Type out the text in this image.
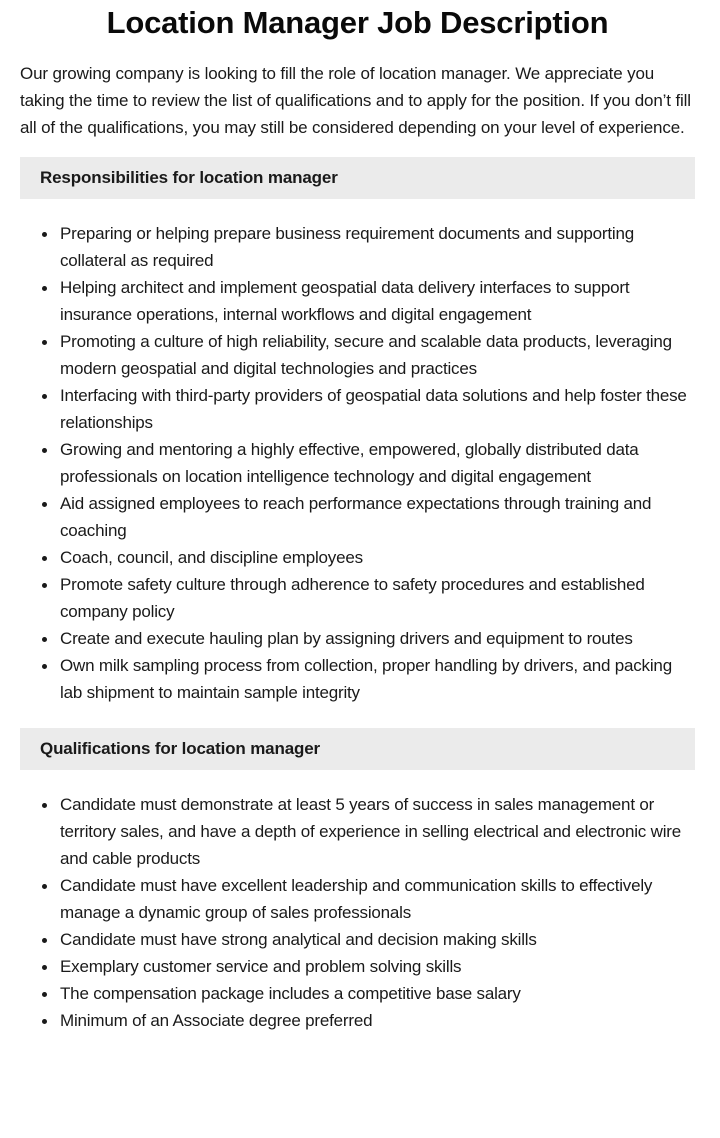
Location Manager Job Description

Our growing company is looking to fill the role of location manager. We appreciate you taking the time to review the list of qualifications and to apply for the position. If you don’t fill all of the qualifications, you may still be considered depending on your level of experience.

Responsibilities for location manager
Preparing or helping prepare business requirement documents and supporting collateral as required
Helping architect and implement geospatial data delivery interfaces to support insurance operations, internal workflows and digital engagement
Promoting a culture of high reliability, secure and scalable data products, leveraging modern geospatial and digital technologies and practices
Interfacing with third-party providers of geospatial data solutions and help foster these relationships
Growing and mentoring a highly effective, empowered, globally distributed data professionals on location intelligence technology and digital engagement
Aid assigned employees to reach performance expectations through training and coaching
Coach, council, and discipline employees
Promote safety culture through adherence to safety procedures and established company policy
Create and execute hauling plan by assigning drivers and equipment to routes
Own milk sampling process from collection, proper handling by drivers, and packing lab shipment to maintain sample integrity
Qualifications for location manager
Candidate must demonstrate at least 5 years of success in sales management or territory sales, and have a depth of experience in selling electrical and electronic wire and cable products
Candidate must have excellent leadership and communication skills to effectively manage a dynamic group of sales professionals
Candidate must have strong analytical and decision making skills
Exemplary customer service and problem solving skills
The compensation package includes a competitive base salary
Minimum of an Associate degree preferred
